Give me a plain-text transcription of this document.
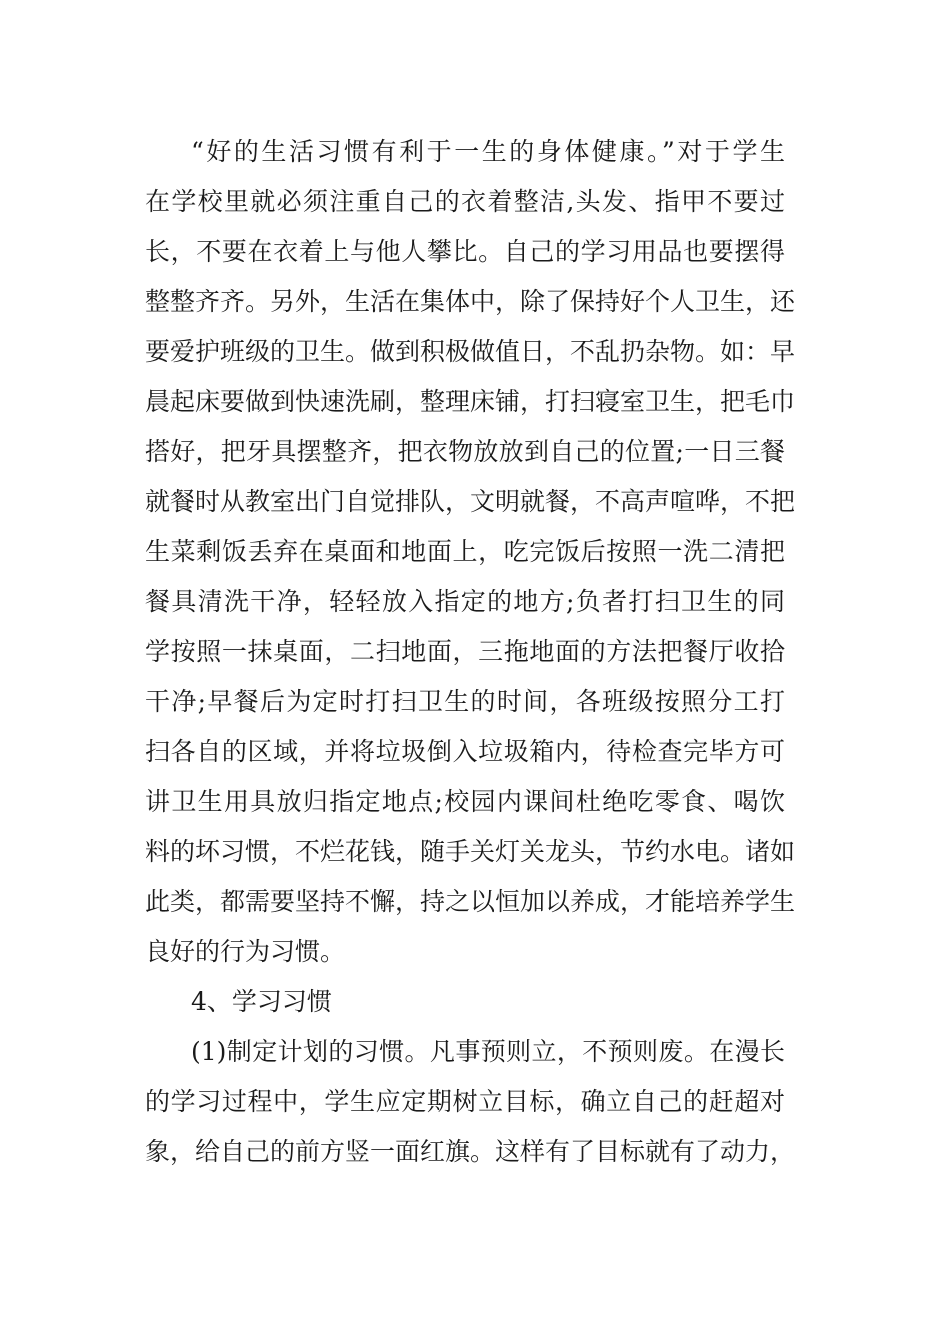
“好的生活习惯有利于一生的身体健康。”对于学生
在学校里就必须注重自己的衣着整洁,头发、指甲不要过
长，不要在衣着上与他人攀比。自己的学习用品也要摆得
整整齐齐。另外，生活在集体中，除了保持好个人卫生，还
要爱护班级的卫生。做到积极做值日，不乱扔杂物。如：早
晨起床要做到快速洗刷，整理床铺，打扫寝室卫生，把毛巾
搭好，把牙具摆整齐，把衣物放放到自己的位置;一日三餐
就餐时从教室出门自觉排队，文明就餐，不高声喧哗，不把
生菜剩饭丢弃在桌面和地面上，吃完饭后按照一洗二清把
餐具清洗干净，轻轻放入指定的地方;负者打扫卫生的同
学按照一抹桌面，二扫地面，三拖地面的方法把餐厅收拾
干净;早餐后为定时打扫卫生的时间，各班级按照分工打
扫各自的区域，并将垃圾倒入垃圾箱内，待检查完毕方可
讲卫生用具放归指定地点;校园内课间杜绝吃零食、喝饮
料的坏习惯，不烂花钱，随手关灯关龙头，节约水电。诸如
此类，都需要坚持不懈，持之以恒加以养成，才能培养学生
良好的行为习惯。
4、学习习惯
(1)制定计划的习惯。凡事预则立，不预则废。在漫长
的学习过程中，学生应定期树立目标，确立自己的赶超对
象，给自己的前方竖一面红旗。这样有了目标就有了动力，
